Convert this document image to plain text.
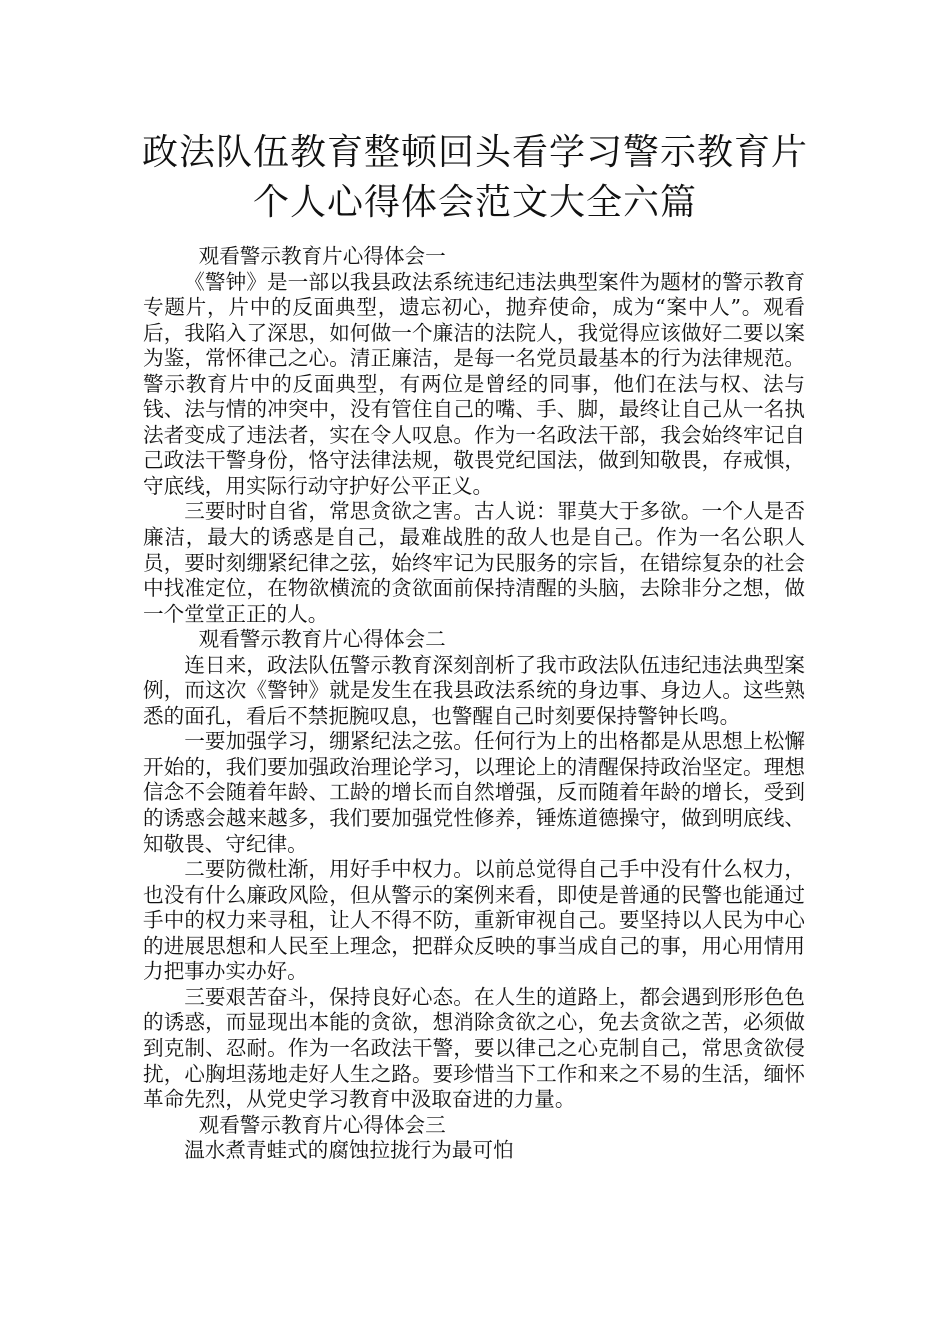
政法队伍教育整顿回头看学习警示教育片
个人心得体会范文大全六篇

观看警示教育片心得体会一

《警钟》是一部以我县政法系统违纪违法典型案件为题材的警示教育专题片，片中的反面典型，遗忘初心，抛弃使命，成为“案中人”。观看后，我陷入了深思，如何做一个廉洁的法院人，我觉得应该做好二要以案为鉴，常怀律己之心。清正廉洁，是每一名党员最基本的行为法律规范。 警示教育片中的反面典型，有两位是曾经的同事，他们在法与权、法与钱、法与情的冲突中，没有管住自己的嘴、手、脚，最终让自己从一名执法者变成了违法者，实在令人叹息。作为一名政法干部，我会始终牢记自己政法干警身份，恪守法律法规，敬畏党纪国法，做到知敬畏，存戒惧， 守底线，用实际行动守护好公平正义。

三要时时自省，常思贪欲之害。古人说：罪莫大于多欲。一个人是否廉洁，最大的诱惑是自己，最难战胜的敌人也是自己。作为一名公职人员，要时刻绷紧纪律之弦，始终牢记为民服务的宗旨，在错综复杂的社会中找准定位，在物欲横流的贪欲面前保持清醒的头脑，去除非分之想，做一个堂堂正正的人。

观看警示教育片心得体会二

连日来，政法队伍警示教育深刻剖析了我市政法队伍违纪违法典型案例，而这次《警钟》就是发生在我县政法系统的身边事、身边人。这些熟悉的面孔，看后不禁扼腕叹息，也警醒自己时刻要保持警钟长鸣。

一要加强学习，绷紧纪法之弦。任何行为上的出格都是从思想上松懈开始的，我们要加强政治理论学习，以理论上的清醒保持政治坚定。理想信念不会随着年龄、工龄的增长而自然增强，反而随着年龄的增长，受到的诱惑会越来越多，我们要加强党性修养，锤炼道德操守，做到明底线、知敬畏、守纪律。

二要防微杜渐，用好手中权力。以前总觉得自己手中没有什么权力，也没有什么廉政风险，但从警示的案例来看，即使是普通的民警也能通过手中的权力来寻租，让人不得不防，重新审视自己。要坚持以人民为中心的进展思想和人民至上理念，把群众反映的事当成自己的事，用心用情用力把事办实办好。

三要艰苦奋斗，保持良好心态。在人生的道路上，都会遇到形形色色的诱惑，而显现出本能的贪欲，想消除贪欲之心，免去贪欲之苦，必须做到克制、忍耐。作为一名政法干警，要以律己之心克制自己，常思贪欲侵扰，心胸坦荡地走好人生之路。要珍惜当下工作和来之不易的生活，缅怀革命先烈，从党史学习教育中汲取奋进的力量。

观看警示教育片心得体会三

温水煮青蛙式的腐蚀拉拢行为最可怕
